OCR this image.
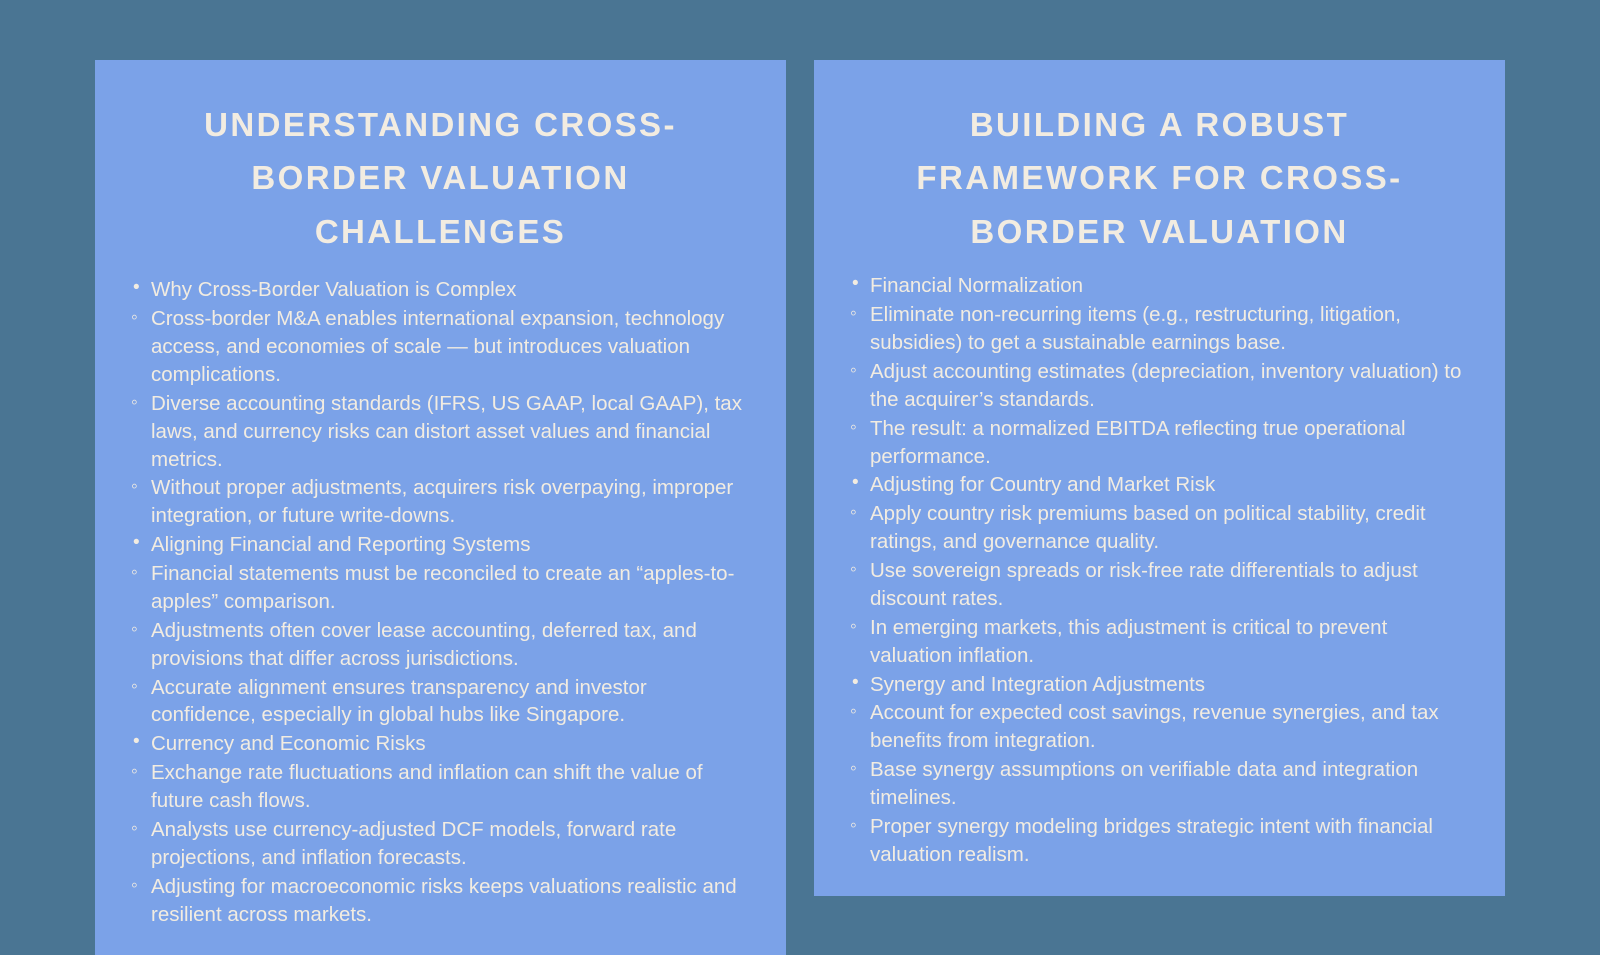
UNDERSTANDING CROSS-BORDER VALUATION CHALLENGES
• Why Cross-Border Valuation is Complex
◦ Cross-border M&A enables international expansion, technology access, and economies of scale — but introduces valuation complications.
◦ Diverse accounting standards (IFRS, US GAAP, local GAAP), tax laws, and currency risks can distort asset values and financial metrics.
◦ Without proper adjustments, acquirers risk overpaying, improper integration, or future write-downs.
• Aligning Financial and Reporting Systems
◦ Financial statements must be reconciled to create an “apples-to-apples” comparison.
◦ Adjustments often cover lease accounting, deferred tax, and provisions that differ across jurisdictions.
◦ Accurate alignment ensures transparency and investor confidence, especially in global hubs like Singapore.
• Currency and Economic Risks
◦ Exchange rate fluctuations and inflation can shift the value of future cash flows.
◦ Analysts use currency-adjusted DCF models, forward rate projections, and inflation forecasts.
◦ Adjusting for macroeconomic risks keeps valuations realistic and resilient across markets.
BUILDING A ROBUST FRAMEWORK FOR CROSS-BORDER VALUATION
• Financial Normalization
◦ Eliminate non-recurring items (e.g., restructuring, litigation, subsidies) to get a sustainable earnings base.
◦ Adjust accounting estimates (depreciation, inventory valuation) to the acquirer’s standards.
◦ The result: a normalized EBITDA reflecting true operational performance.
• Adjusting for Country and Market Risk
◦ Apply country risk premiums based on political stability, credit ratings, and governance quality.
◦ Use sovereign spreads or risk-free rate differentials to adjust discount rates.
◦ In emerging markets, this adjustment is critical to prevent valuation inflation.
• Synergy and Integration Adjustments
◦ Account for expected cost savings, revenue synergies, and tax benefits from integration.
◦ Base synergy assumptions on verifiable data and integration timelines.
◦ Proper synergy modeling bridges strategic intent with financial valuation realism.
